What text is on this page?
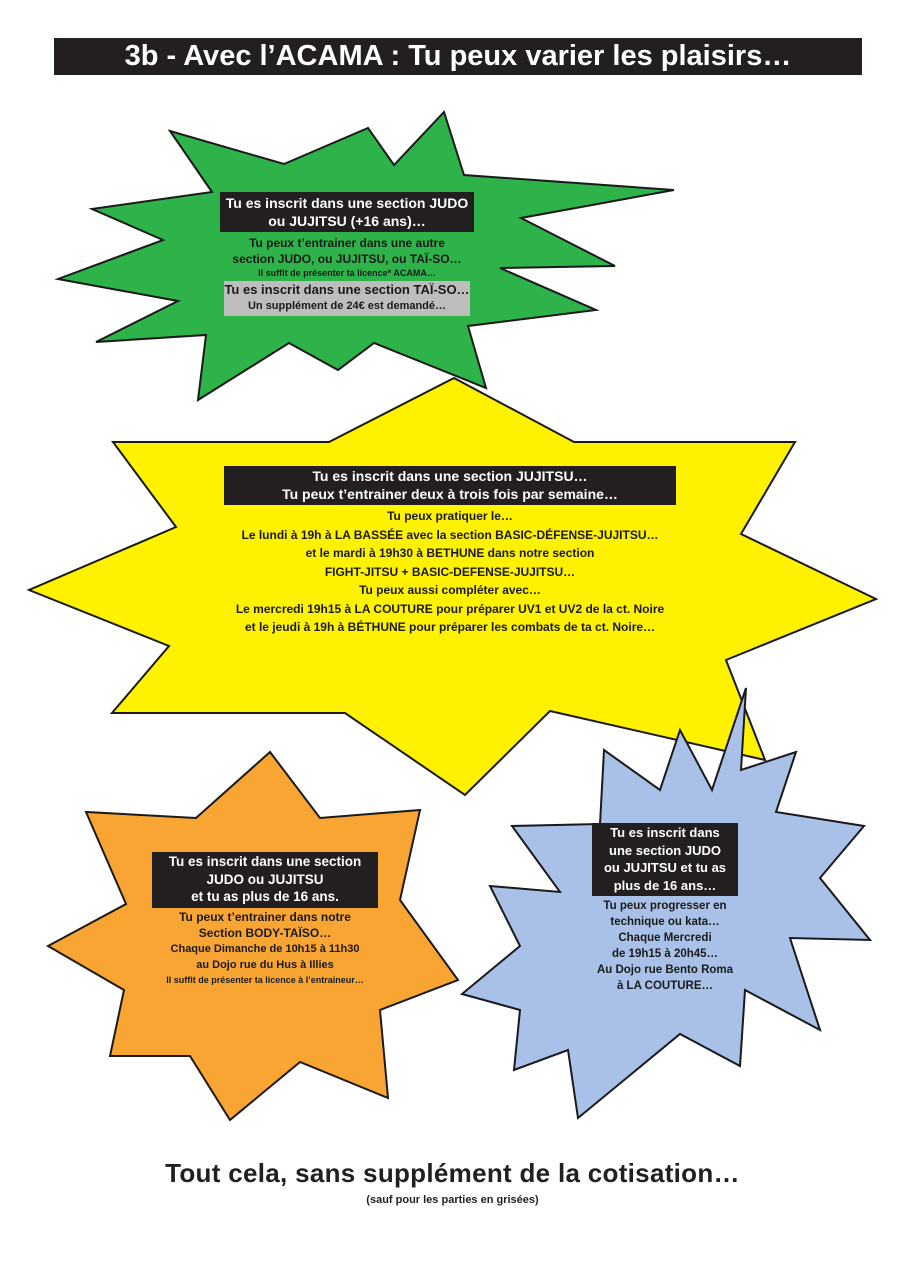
3b - Avec l’ACAMA : Tu peux varier les plaisirs…
Tu es inscrit dans une section JUDO
ou JUJITSU (+16 ans)…
Tu peux t’entrainer dans une autre
section JUDO, ou JUJITSU, ou TAÏ-SO…
Il suffit de présenter ta licence* ACAMA…
Tu es inscrit dans une section TAÏ-SO…
Un supplément de 24€ est demandé…
Tu es inscrit dans une section JUJITSU…
Tu peux t’entrainer deux à trois fois par semaine…
Tu peux pratiquer le…
Le lundi à 19h à LA BASSÉE avec la section BASIC-DÉFENSE-JUJITSU…
et le mardi à 19h30 à BETHUNE dans notre section
FIGHT-JITSU + BASIC-DEFENSE-JUJITSU…
Tu peux aussi compléter avec…
Le mercredi 19h15 à LA COUTURE pour préparer UV1 et UV2 de la ct. Noire
et le jeudi à 19h à BÉTHUNE pour préparer les combats de ta ct. Noire…
Tu es inscrit dans une section
JUDO ou JUJITSU
et tu as plus de 16 ans.
Tu peux t’entrainer dans notre
Section BODY-TAÏSO…
Chaque Dimanche de 10h15 à 11h30
au Dojo rue du Hus à Illies
Il suffit de présenter ta licence à l’entraineur…
Tu es inscrit dans
une section JUDO
ou JUJITSU et tu as
plus de 16 ans…
Tu peux progresser en
technique ou kata…
Chaque Mercredi
de 19h15 à 20h45…
Au Dojo rue Bento Roma
à LA COUTURE…
Tout cela, sans supplément de la cotisation…
(sauf pour les parties en grisées)
